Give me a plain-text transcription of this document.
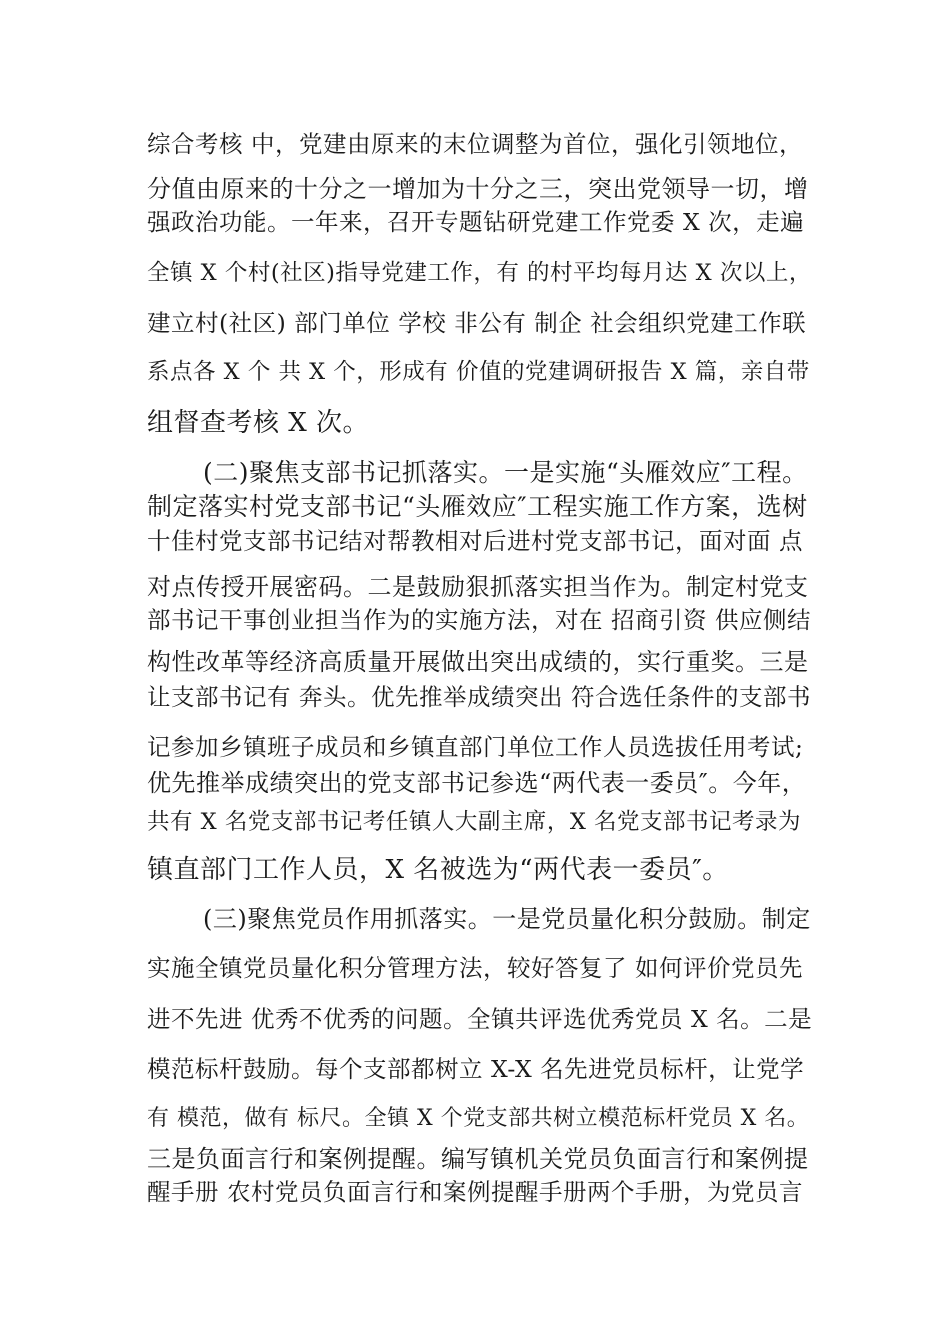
综合考核 中，党建由原来的末位调整为首位，强化引领地位，
分值由原来的十分之一增加为十分之三，突出党领导一切，增
强政治功能。一年来，召开专题钻研党建工作党委 X 次，走遍
全镇 X 个村(社区)指导党建工作，有 的村平均每月达 X 次以上，
建立村(社区) 部门单位 学校 非公有 制企 社会组织党建工作联
系点各 X 个 共 X 个，形成有 价值的党建调研报告 X 篇，亲自带
组督查考核 X 次。
(二)聚焦支部书记抓落实。一是实施“头雁效应″工程。
制定落实村党支部书记“头雁效应″工程实施工作方案，选树
十佳村党支部书记结对帮教相对后进村党支部书记，面对面 点
对点传授开展密码。二是鼓励狠抓落实担当作为。制定村党支
部书记干事创业担当作为的实施方法，对在 招商引资 供应侧结
构性改革等经济高质量开展做出突出成绩的，实行重奖。三是
让支部书记有 奔头。优先推举成绩突出 符合选任条件的支部书
记参加乡镇班子成员和乡镇直部门单位工作人员选拔任用考试;
优先推举成绩突出的党支部书记参选“两代表一委员″。今年，
共有 X 名党支部书记考任镇人大副主席，X 名党支部书记考录为
镇直部门工作人员，X 名被选为“两代表一委员″。
(三)聚焦党员作用抓落实。一是党员量化积分鼓励。制定
实施全镇党员量化积分管理方法，较好答复了 如何评价党员先
进不先进 优秀不优秀的问题。全镇共评选优秀党员 X 名。二是
模范标杆鼓励。每个支部都树立 X-X 名先进党员标杆，让党学
有 模范，做有 标尺。全镇 X 个党支部共树立模范标杆党员 X 名。
三是负面言行和案例提醒。编写镇机关党员负面言行和案例提
醒手册 农村党员负面言行和案例提醒手册两个手册，为党员言
